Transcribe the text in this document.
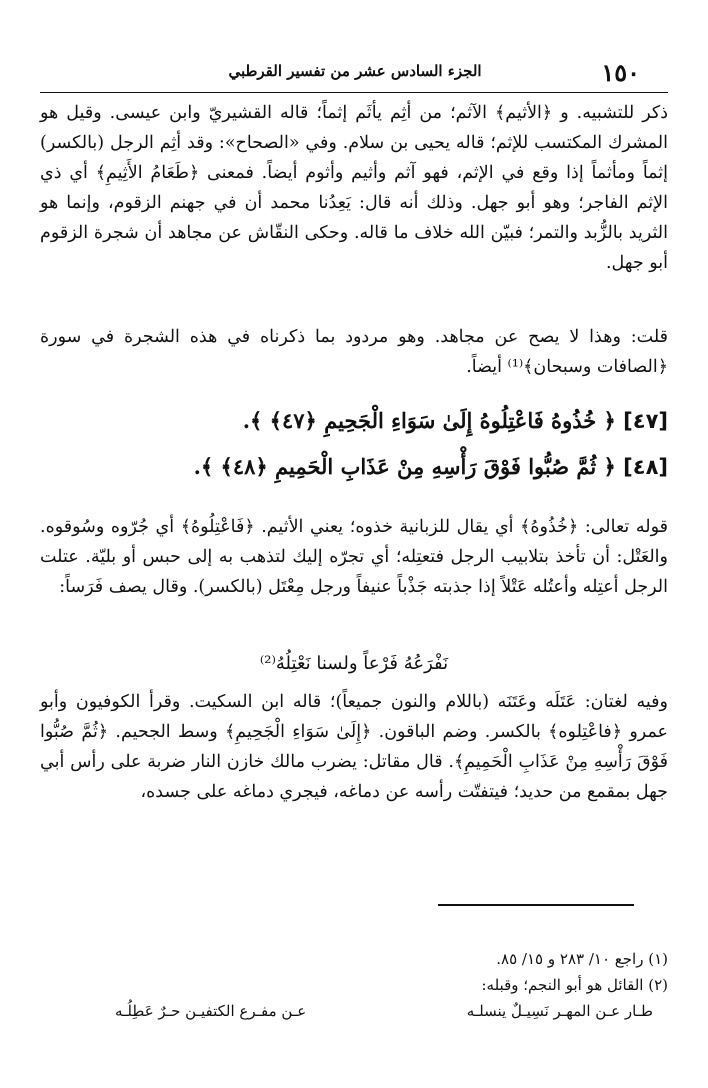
١٥٠
الجزء السادس عشر من تفسير القرطبي

ذكر للتشبيه. و ﴿الأثيم﴾ الآثم؛ من أثِم يأثَم إثماً؛ قاله القشيريّ وابن عيسى. وقيل هو المشرك المكتسب للإثم؛ قاله يحيى بن سلام. وفي «الصحاح»: وقد أثِم الرجل (بالكسر) إثماً ومأثماً إذا وقع في الإثم، فهو آثم وأثيم وأثوم أيضاً. فمعنى ﴿طَعَامُ الأَثِيمِ﴾ أي ذي الإثم الفاجر؛ وهو أبو جهل. وذلك أنه قال: يَعِدُنا محمد أن في جهنم الزقوم، وإنما هو الثريد بالزُّبد والتمر؛ فبيّن الله خلاف ما قاله. وحكى النقّاش عن مجاهد أن شجرة الزقوم أبو جهل.

قلت: وهذا لا يصح عن مجاهد. وهو مردود بما ذكرناه في هذه الشجرة في سورة ﴿الصافات وسبحان﴾⁽¹⁾ أيضاً.

[٤٧] ﴿ خُذُوهُ فَاعْتِلُوهُ إِلَىٰ سَوَاءِ الْجَحِيمِ ﴿٤٧﴾ ﴾.

[٤٨] ﴿ ثُمَّ صُبُّوا فَوْقَ رَأْسِهِ مِنْ عَذَابِ الْحَمِيمِ ﴿٤٨﴾ ﴾.

قوله تعالى: ﴿خُذُوهُ﴾ أي يقال للزبانية خذوه؛ يعني الأثيم. ﴿فَاعْتِلُوهُ﴾ أي جُرّوه وسُوقوه. والعَتْل: أن تأخذ بتلابيب الرجل فتعتِله؛ أي تجرّه إليك لتذهب به إلى حبس أو بليّة. عتلت الرجل أعتِله وأعتُله عَتْلاً إذا جذبته جَذْباً عنيفاً ورجل مِعْتَل (بالكسر). وقال يصف فَرَساً:

نَفْرَعُهُ فَرْعاً ولسنا نَعْتِلُهُ⁽²⁾

وفيه لغتان: عَتَلَه وعَتَنَه (باللام والنون جميعاً)؛ قاله ابن السكيت. وقرأ الكوفيون وأبو عمرو ﴿فاعْتِلوه﴾ بالكسر. وضم الباقون. ﴿إِلَىٰ سَوَاءِ الْجَحِيمِ﴾ وسط الجحيم. ﴿ثُمَّ صُبُّوا فَوْقَ رَأْسِهِ مِنْ عَذَابِ الْحَمِيمِ﴾. قال مقاتل: يضرب مالك خازن النار ضربة على رأس أبي جهل بمقمع من حديد؛ فيتفتّت رأسه عن دماغه، فيجري دماغه على جسده،

(١) راجع ١٠/ ٢٨٣ و ١٥/ ٨٥.

(٢) القائل هو أبو النجم؛ وقبله:

طـار عـن المهـر نَسِيـلٌ ينسلـه
عـن مفـرع الكتفيـن حـرٌ عَطِلُـه
